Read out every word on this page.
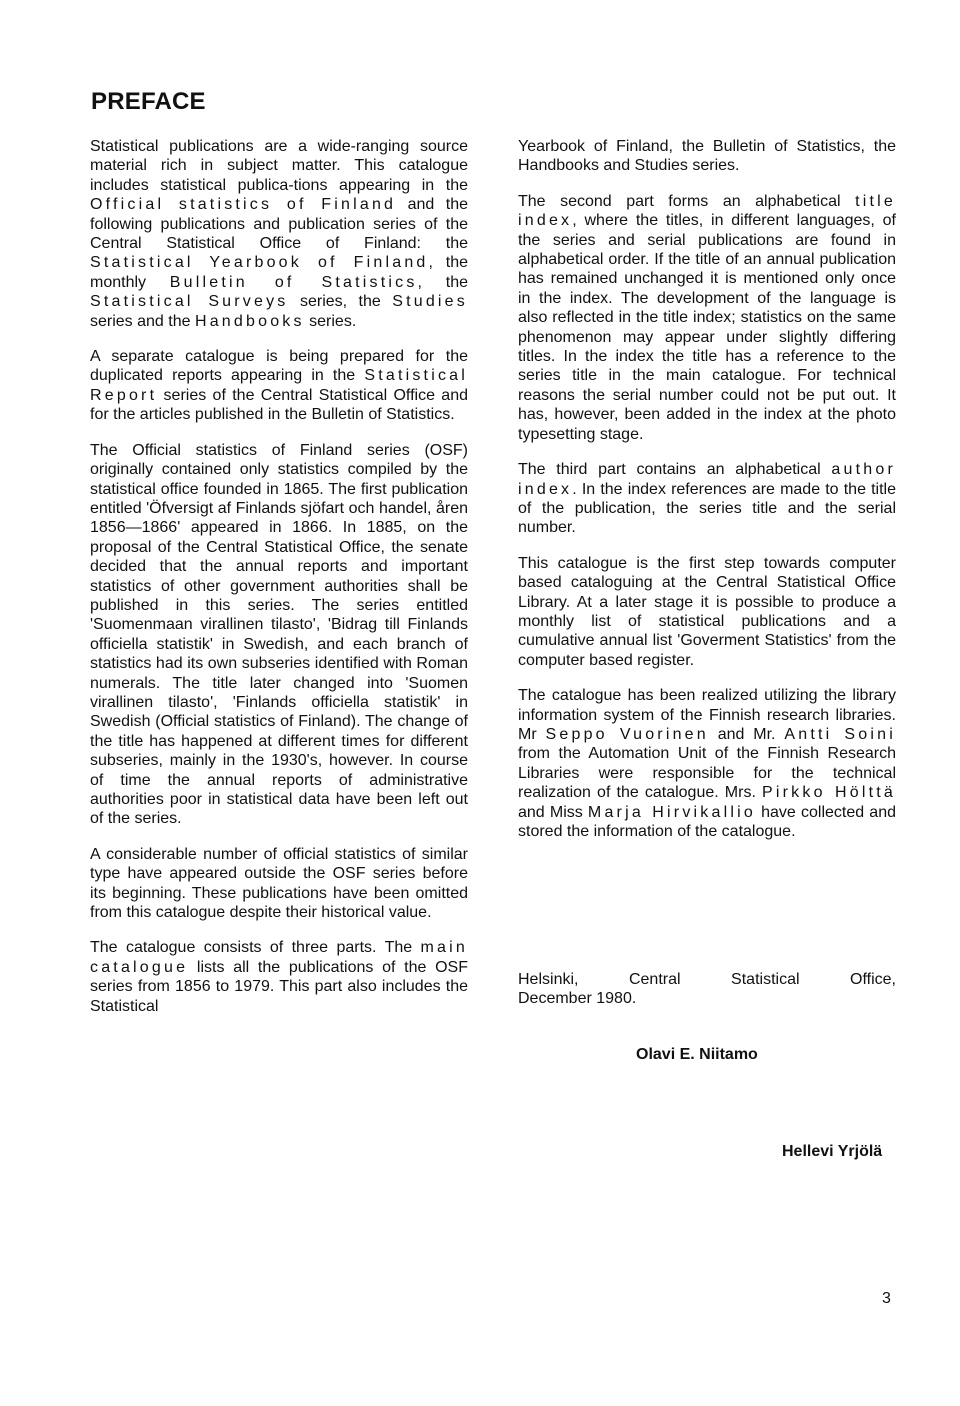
PREFACE

Statistical publications are a wide-ranging source material rich in subject matter. This catalogue includes statistical publica-tions appearing in the Official statistics of Finland and the following publications and publication series of the Central Statistical Office of Finland: the Statistical Yearbook of Finland, the monthly Bulletin of Statistics, the Statistical Surveys series, the Studies series and the Handbooks series.

A separate catalogue is being prepared for the duplicated reports appearing in the Statistical Report series of the Central Statistical Office and for the articles published in the Bulletin of Statistics.

The Official statistics of Finland series (OSF) originally contained only statistics compiled by the statistical office founded in 1865. The first publication entitled 'Öfversigt af Finlands sjöfart och handel, åren 1856—1866' appeared in 1866. In 1885, on the proposal of the Central Statistical Office, the senate decided that the annual reports and important statistics of other government authorities shall be published in this series. The series entitled 'Suomenmaan virallinen tilasto', 'Bidrag till Finlands officiella statistik' in Swedish, and each branch of statistics had its own subseries identified with Roman numerals. The title later changed into 'Suomen virallinen tilasto', 'Finlands officiella statistik' in Swedish (Official statistics of Finland). The change of the title has happened at different times for different subseries, mainly in the 1930's, however. In course of time the annual reports of administrative authorities poor in statistical data have been left out of the series.

A considerable number of official statistics of similar type have appeared outside the OSF series before its beginning. These publications have been omitted from this catalogue despite their historical value.

The catalogue consists of three parts. The main catalogue lists all the publications of the OSF series from 1856 to 1979. This part also includes the Statistical

Yearbook of Finland, the Bulletin of Statistics, the Handbooks and Studies series.

The second part forms an alphabetical title index, where the titles, in different languages, of the series and serial publications are found in alphabetical order. If the title of an annual publication has remained unchanged it is mentioned only once in the index. The development of the language is also reflected in the title index; statistics on the same phenomenon may appear under slightly differing titles. In the index the title has a reference to the series title in the main catalogue. For technical reasons the serial number could not be put out. It has, however, been added in the index at the photo typesetting stage.

The third part contains an alphabetical author index. In the index references are made to the title of the publication, the series title and the serial number.

This catalogue is the first step towards computer based cataloguing at the Central Statistical Office Library. At a later stage it is possible to produce a monthly list of statistical publications and a cumulative annual list 'Goverment Statistics' from the computer based register.

The catalogue has been realized utilizing the library information system of the Finnish research libraries. Mr Seppo Vuorinen and Mr. Antti Soini from the Automation Unit of the Finnish Research Libraries were responsible for the technical realization of the catalogue. Mrs. Pirkko Hölttä and Miss Marja Hirvikallio have collected and stored the information of the catalogue.

Helsinki,	Central	Statistical	Office,
December 1980.
Olavi E. Niitamo
Hellevi Yrjölä
3
